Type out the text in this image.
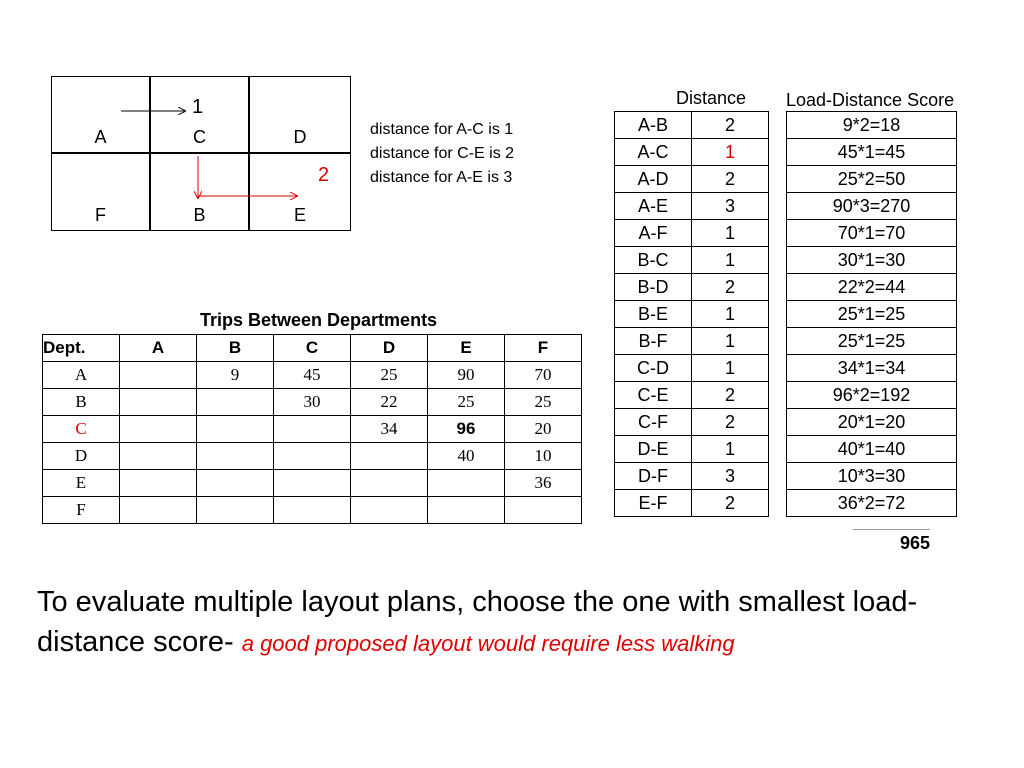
A	C	D
F	B	E
1
2
distance for A-C is 1
distance for C-E is 2
distance for A-E is 3
Trips Between Departments
Dept.	A	B	C	D	E	F
A		9	45	25	90	70
B			30	22	25	25
C				34	96	20
D					40	10
E						36
F						
Distance
A-B	2
A-C	1
A-D	2
A-E	3
A-F	1
B-C	1
B-D	2
B-E	1
B-F	1
C-D	1
C-E	2
C-F	2
D-E	1
D-F	3
E-F	2
Load-Distance Score
9*2=18
45*1=45
25*2=50
90*3=270
70*1=70
30*1=30
22*2=44
25*1=25
25*1=25
34*1=34
96*2=192
20*1=20
40*1=40
10*3=30
36*2=72
965
To evaluate multiple layout plans, choose the one with smallest load-distance score- a good proposed layout would require less walking
